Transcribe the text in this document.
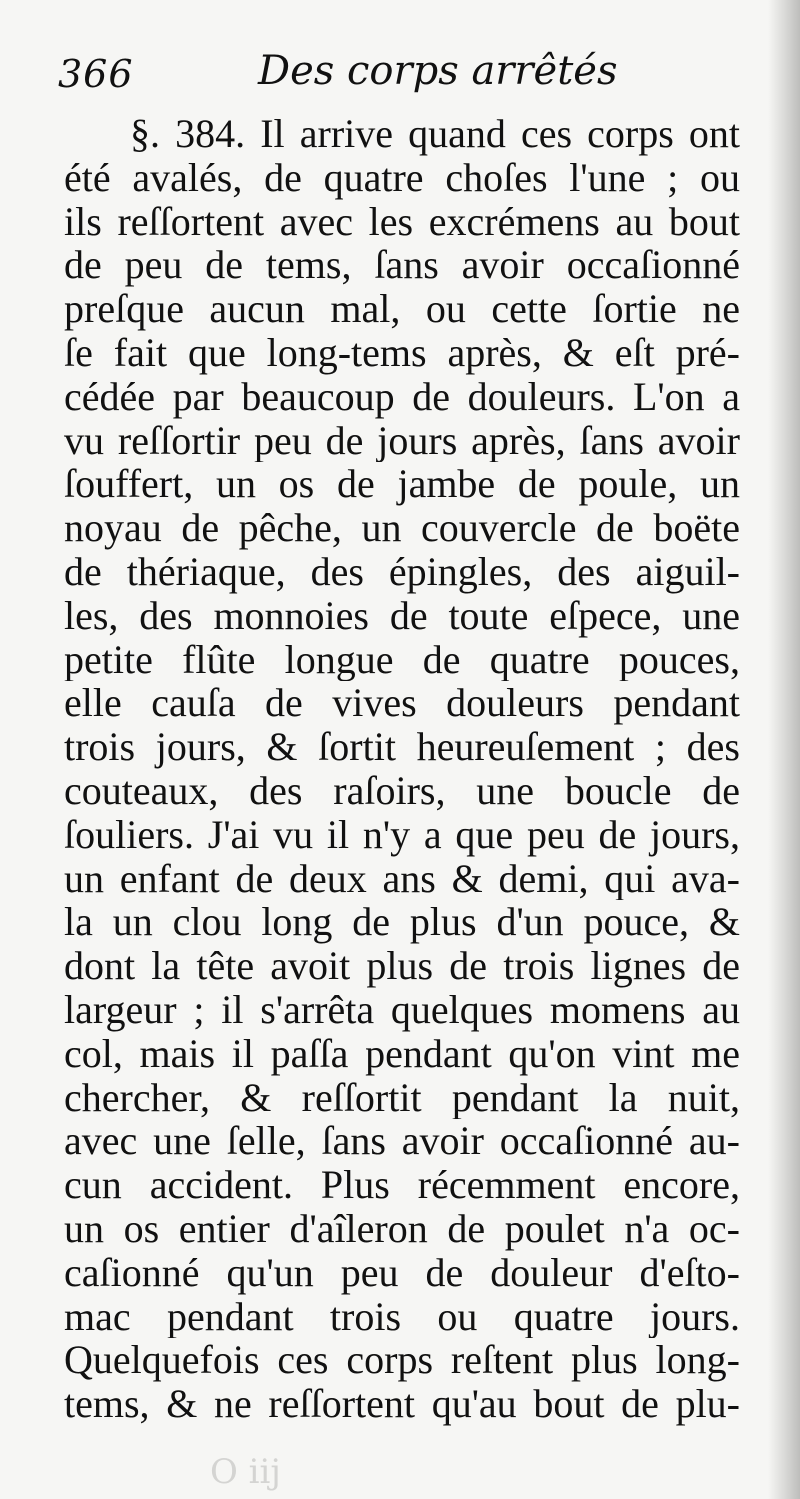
366	Des corps arrêtés
§. 384. Il arrive quand ces corps ont
été avalés, de quatre choſes l'une ; ou
ils reſſortent avec les excrémens au bout
de peu de tems, ſans avoir occaſionné
preſque aucun mal, ou cette ſortie ne
ſe fait que long-tems après, & eſt pré-
cédée par beaucoup de douleurs. L'on a
vu reſſortir peu de jours après, ſans avoir
ſouffert, un os de jambe de poule, un
noyau de pêche, un couvercle de boëte
de thériaque, des épingles, des aiguil-
les, des monnoies de toute eſpece, une
petite flûte longue de quatre pouces,
elle cauſa de vives douleurs pendant
trois jours, & ſortit heureuſement ; des
couteaux, des raſoirs, une boucle de
ſouliers. J'ai vu il n'y a que peu de jours,
un enfant de deux ans & demi, qui ava-
la un clou long de plus d'un pouce, &
dont la tête avoit plus de trois lignes de
largeur ; il s'arrêta quelques momens au
col, mais il paſſa pendant qu'on vint me
chercher, & reſſortit pendant la nuit,
avec une ſelle, ſans avoir occaſionné au-
cun accident. Plus récemment encore,
un os entier d'aîleron de poulet n'a oc-
caſionné qu'un peu de douleur d'eſto-
mac pendant trois ou quatre jours.
Quelquefois ces corps reſtent plus long-
tems, & ne reſſortent qu'au bout de plu-
O iij
